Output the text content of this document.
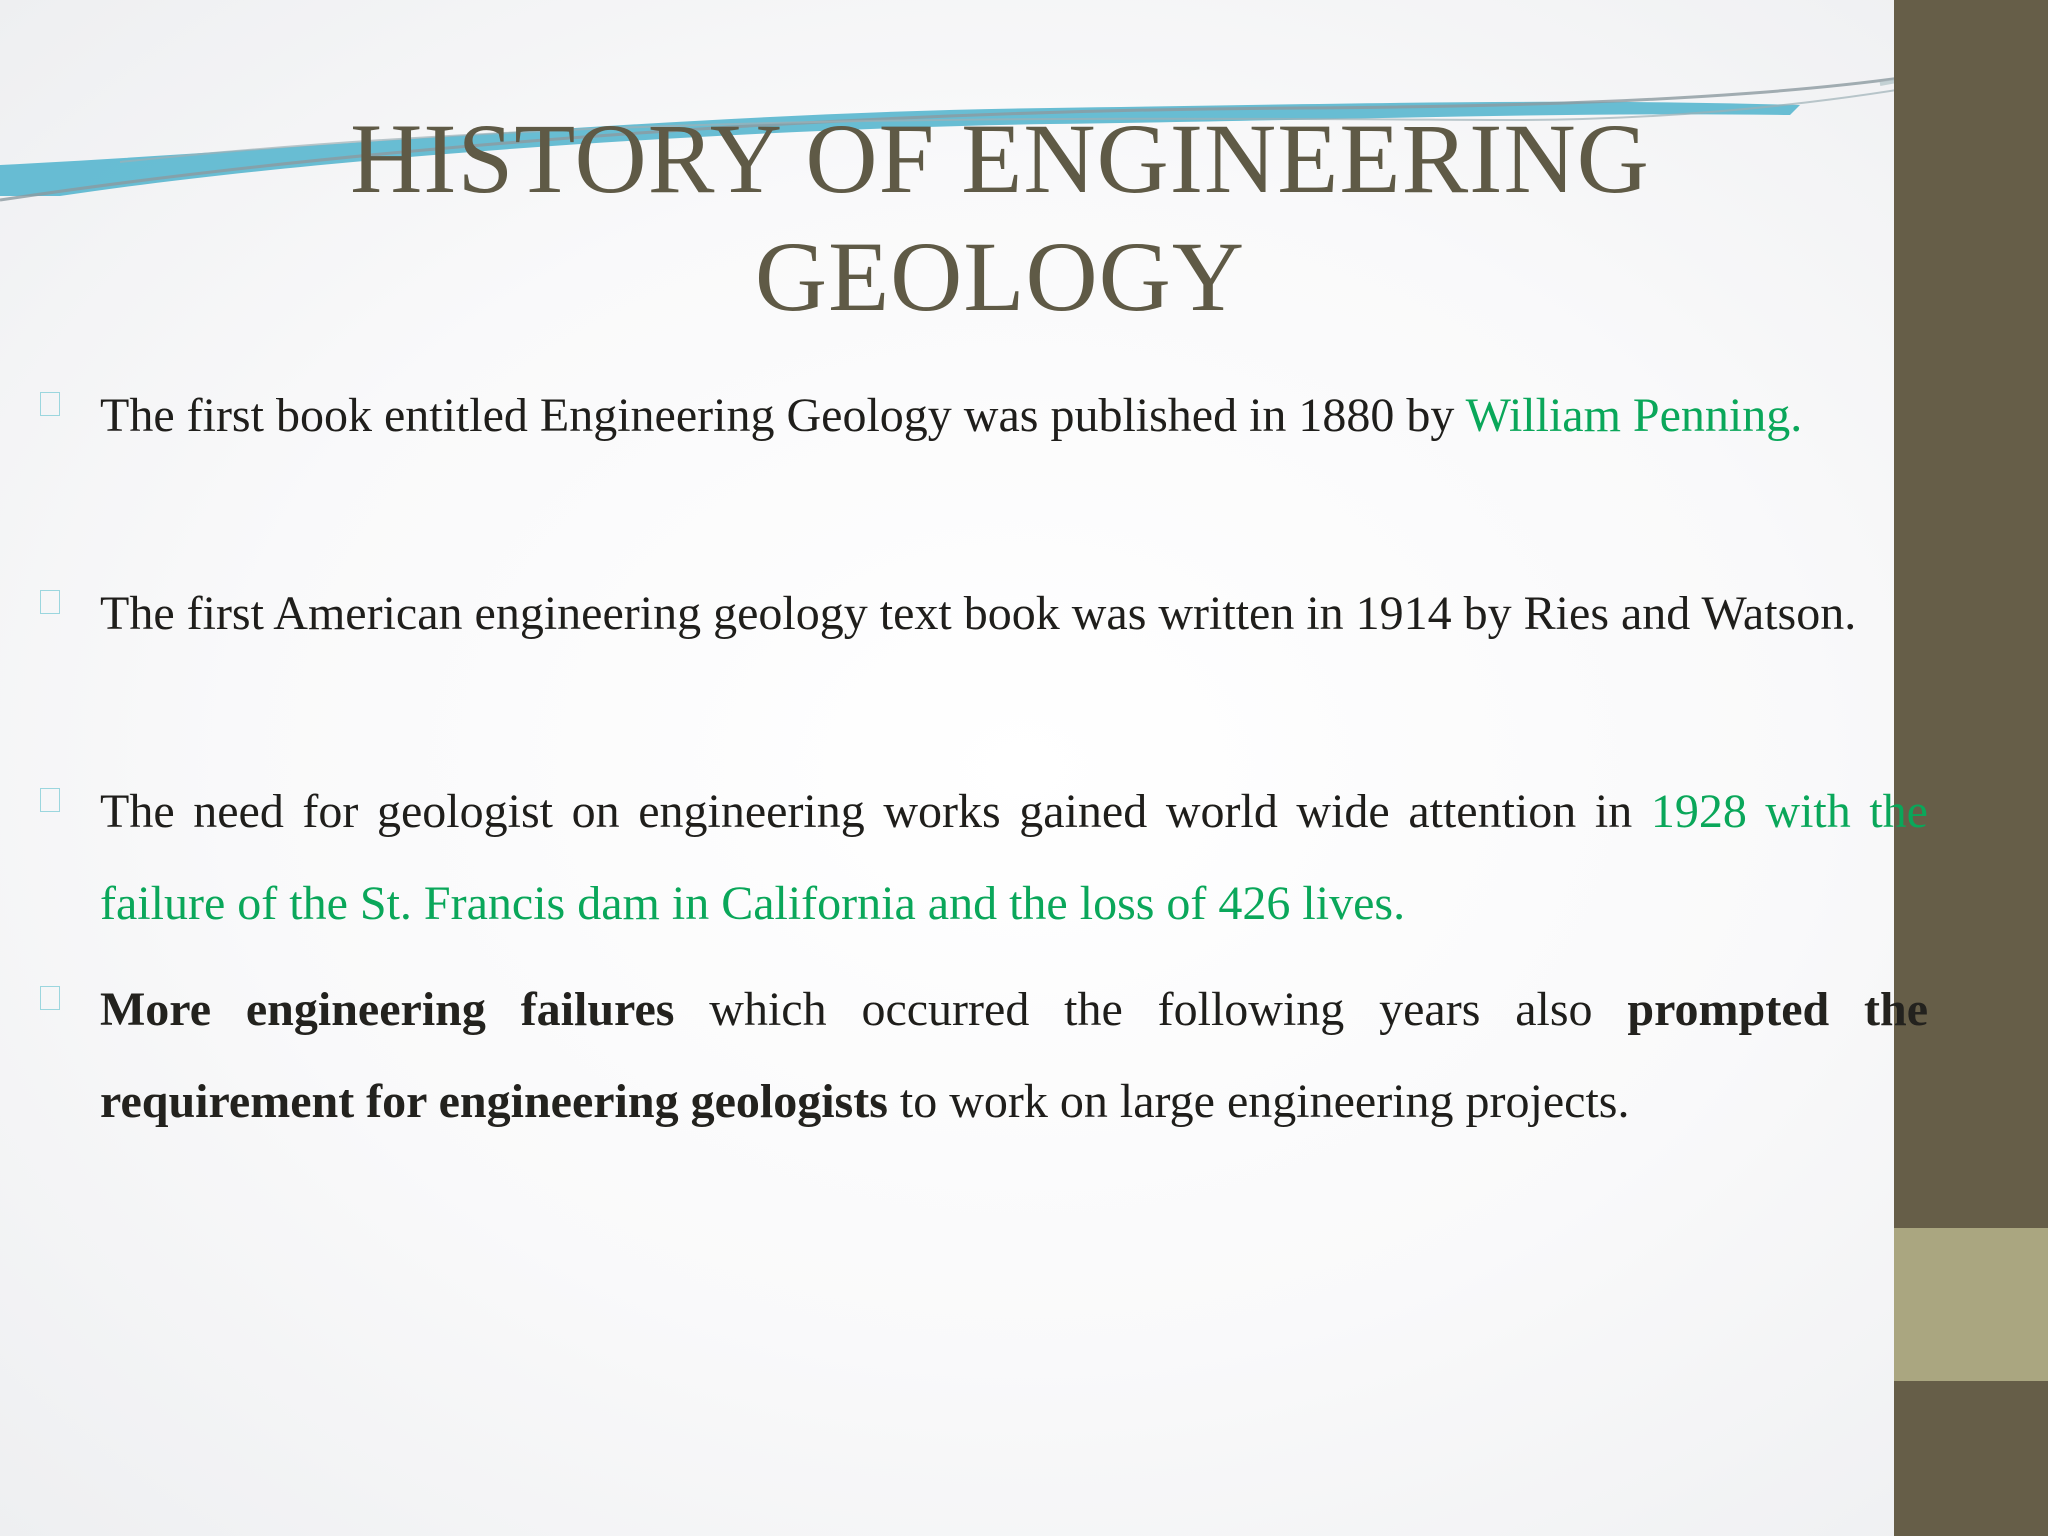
HISTORY OF ENGINEERING GEOLOGY

The first book entitled Engineering Geology was published in 1880 by William Penning.

The first American engineering geology text book was written in 1914 by Ries and Watson.

The need for geologist on engineering works gained world wide attention in 1928 with the failure of the St. Francis dam in California and the loss of 426 lives.

More engineering failures which occurred the following years also prompted the requirement for engineering geologists to work on large engineering projects.
